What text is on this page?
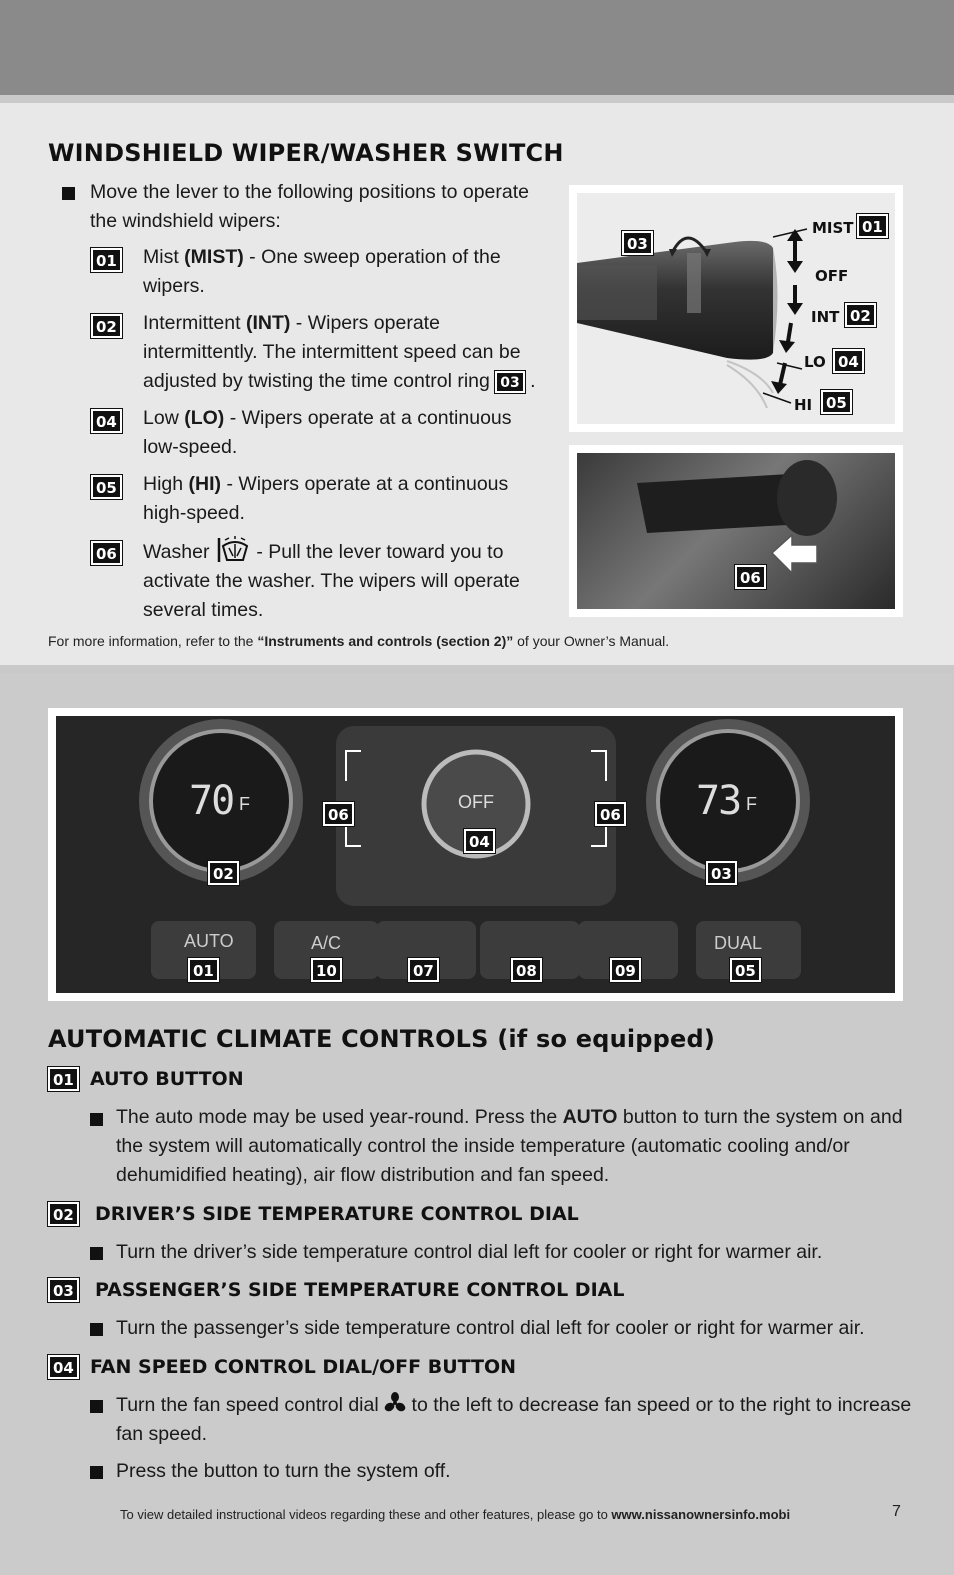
WINDSHIELD WIPER/WASHER SWITCH
Move the lever to the following positions to operate the windshield wipers:
01 Mist (MIST) - One sweep operation of the wipers.
02 Intermittent (INT) - Wipers operate intermittently. The intermittent speed can be adjusted by twisting the time control ring 03 .
04 Low (LO) - Wipers operate at a continuous low-speed.
05 High (HI) - Wipers operate at a continuous high-speed.
06 Washer - Pull the lever toward you to activate the washer. The wipers will operate several times.
For more information, refer to the “Instruments and controls (section 2)” of your Owner’s Manual.
MIST 01
OFF
INT 02
LO 04
HI 05
03
06
70 F	73 F
OFF
AUTO	A/C	DUAL
02	03
04
06	06
01	10	07	08	09	05
AUTOMATIC CLIMATE CONTROLS (if so equipped)
01 AUTO BUTTON
The auto mode may be used year-round. Press the AUTO button to turn the system on and the system will automatically control the inside temperature (automatic cooling and/or dehumidified heating), air flow distribution and fan speed.
02 DRIVER’S SIDE TEMPERATURE CONTROL DIAL
Turn the driver’s side temperature control dial left for cooler or right for warmer air.
03 PASSENGER’S SIDE TEMPERATURE CONTROL DIAL
Turn the passenger’s side temperature control dial left for cooler or right for warmer air.
04 FAN SPEED CONTROL DIAL/OFF BUTTON
Turn the fan speed control dial to the left to decrease fan speed or to the right to increase fan speed.
Press the button to turn the system off.
To view detailed instructional videos regarding these and other features, please go to www.nissanownersinfo.mobi	7
